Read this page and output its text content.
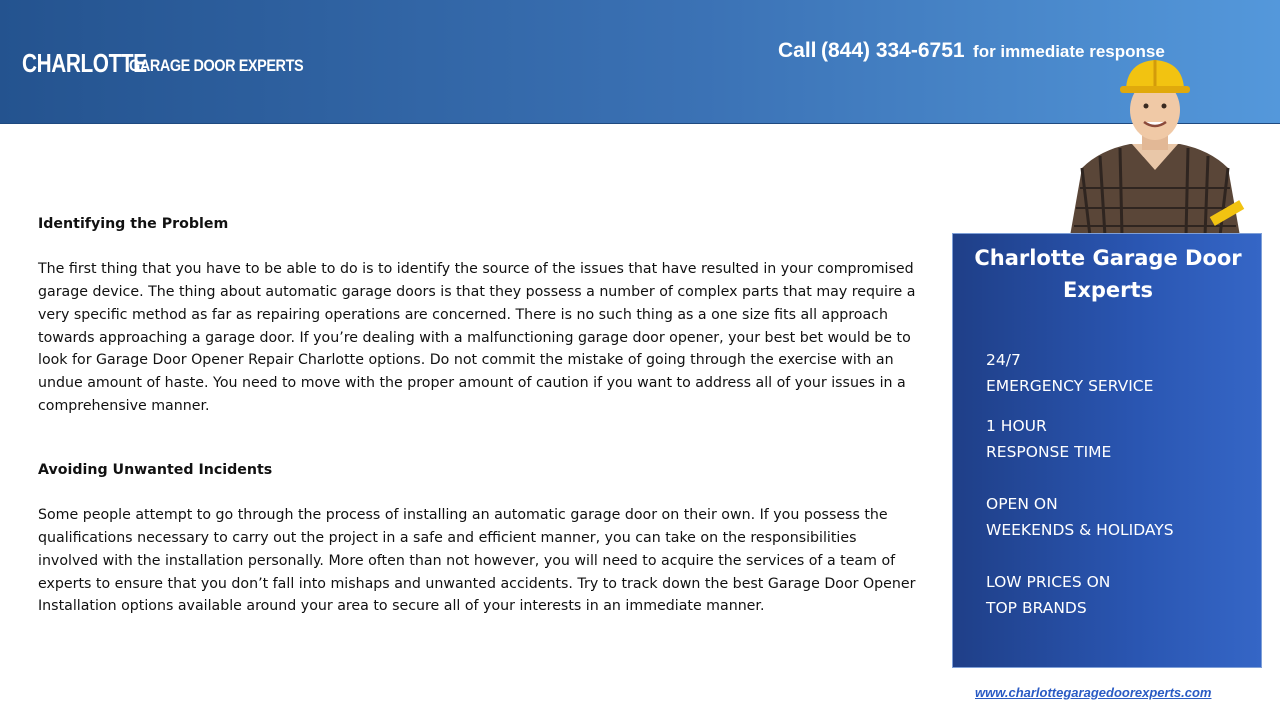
CHARLOTTE
GARAGE DOOR EXPERTS
Call (844) 334-6751 for immediate response
Identifying the Problem

The first thing that you have to be able to do is to identify the source of the issues that have resulted in your compromised garage device. The thing about automatic garage doors is that they possess a number of complex parts that may require a very specific method as far as repairing operations are concerned. There is no such thing as a one size fits all approach towards approaching a garage door. If you’re dealing with a malfunctioning garage door opener, your best bet would be to look for Garage Door Opener Repair Charlotte options. Do not commit the mistake of going through the exercise with an undue amount of haste. You need to move with the proper amount of caution if you want to address all of your issues in a comprehensive manner.

Avoiding Unwanted Incidents

Some people attempt to go through the process of installing an automatic garage door on their own. If you possess the qualifications necessary to carry out the project in a safe and efficient manner, you can take on the responsibilities involved with the installation personally. More often than not however, you will need to acquire the services of a team of experts to ensure that you don’t fall into mishaps and unwanted accidents. Try to track down the best Garage Door Opener Installation options available around your area to secure all of your interests in an immediate manner.

Charlotte Garage Door Experts
24/7
EMERGENCY SERVICE
1 HOUR
RESPONSE TIME
OPEN ON
WEEKENDS & HOLIDAYS
LOW PRICES ON
TOP BRANDS
www.charlottegaragedoorexperts.com
